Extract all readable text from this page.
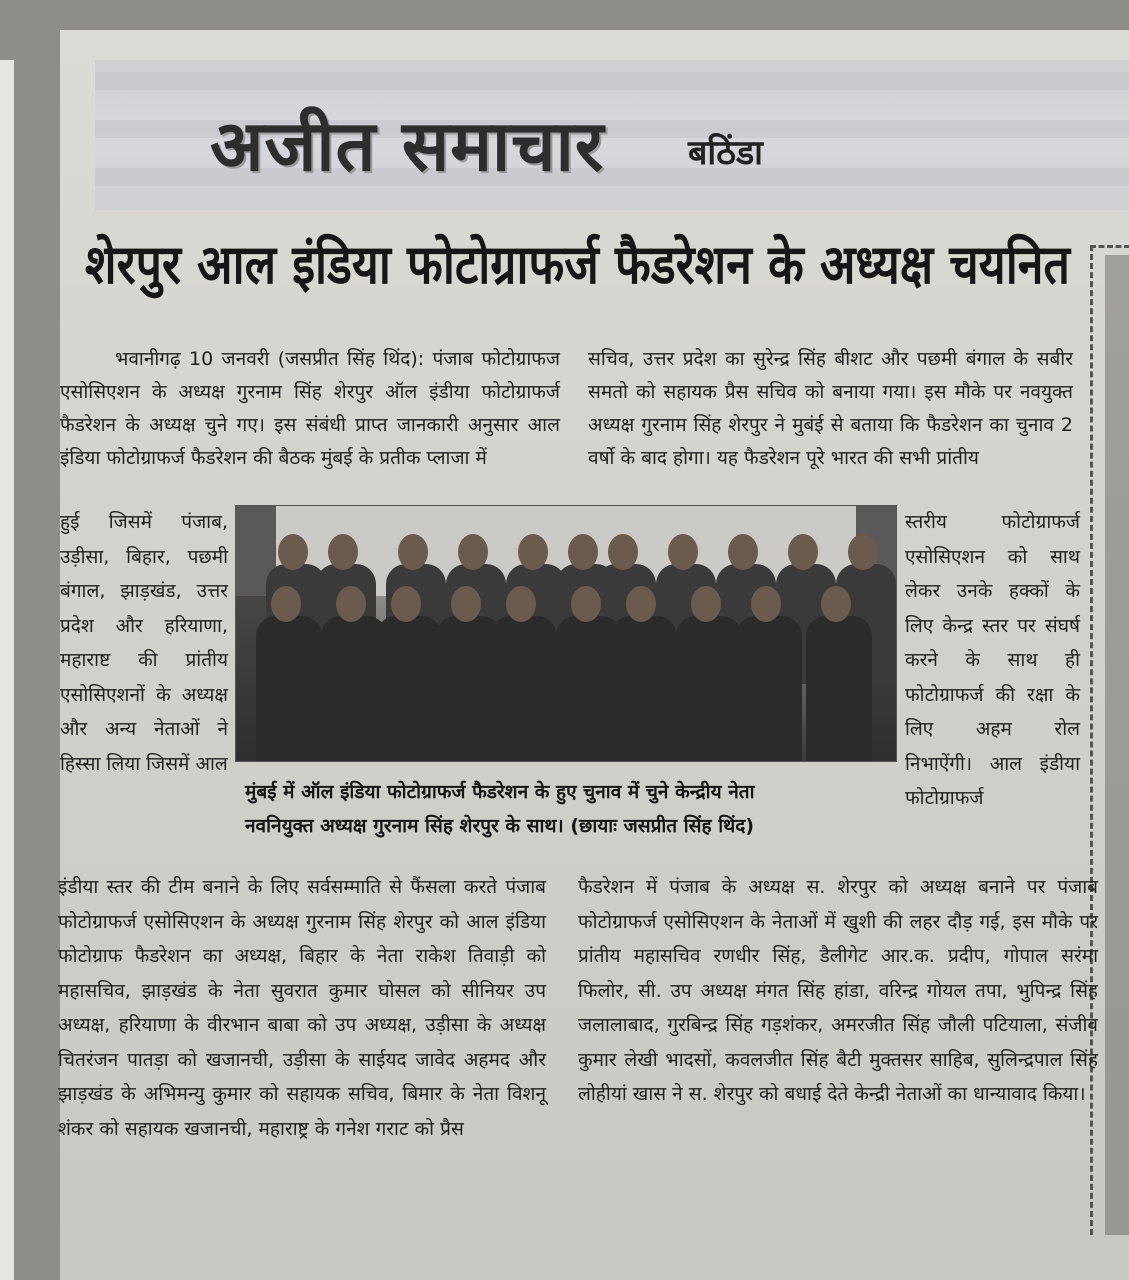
अजीत समाचार बठिंडा
शेरपुर आल इंडिया फोटोग्राफर्ज फैडरेशन के अध्यक्ष चयनित

भवानीगढ़ 10 जनवरी (जसप्रीत सिंह थिंद): पंजाब फोटोग्राफज एसोसिएशन के अध्यक्ष गुरनाम सिंह शेरपुर ऑल इंडीया फोटोग्राफर्ज फैडरेशन के अध्यक्ष चुने गए। इस संबंधी प्राप्त जानकारी अनुसार आल इंडिया फोटोग्राफर्ज फैडरेशन की बैठक मुंबई के प्रतीक प्लाजा में

हुई जिसमें पंजाब, उड़ीसा, बिहार, पछमी बंगाल, झाड़खंड, उत्तर प्रदेश और हरियाणा, महाराष्ट की प्रांतीय एसोसिएशनों के अध्यक्ष और अन्य नेताओं ने हिस्सा लिया जिसमें आल

सचिव, उत्तर प्रदेश का सुरेन्द्र सिंह बीशट और पछमी बंगाल के सबीर समतो को सहायक प्रैस सचिव को बनाया गया। इस मौके पर नवयुक्त अध्यक्ष गुरनाम सिंह शेरपुर ने मुबंई से बताया कि फैडरेशन का चुनाव 2 वर्षो के बाद होगा। यह फैडरेशन पूरे भारत की सभी प्रांतीय

स्तरीय फोटोग्राफर्ज एसोसिएशन को साथ लेकर उनके हक्कों के लिए केन्द्र स्तर पर संघर्ष करने के साथ ही फोटोग्राफर्ज की रक्षा के लिए अहम रोल निभाऐंगी। आल इंडीया फोटोग्राफर्ज

मुंबई में ऑल इंडिया फोटोग्राफर्ज फैडरेशन के हुए चुनाव में चुने केन्द्रीय नेता
नवनियुक्त अध्यक्ष गुरनाम सिंह शेरपुर के साथ। (छायाः जसप्रीत सिंह थिंद)

इंडीया स्तर की टीम बनाने के लिए सर्वसम्माति से फैंसला करते पंजाब फोटोग्राफर्ज एसोसिएशन के अध्यक्ष गुरनाम सिंह शेरपुर को आल इंडिया फोटोग्राफ फैडरेशन का अध्यक्ष, बिहार के नेता राकेश तिवाड़ी को महासचिव, झाड़खंड के नेता सुवरात कुमार घोसल को सीनियर उप अध्यक्ष, हरियाणा के वीरभान बाबा को उप अध्यक्ष, उड़ीसा के अध्यक्ष चितरंजन पातड़ा को खजानची, उड़ीसा के साईयद जावेद अहमद और झाड़खंड के अभिमन्यु कुमार को सहायक सचिव, बिमार के नेता विशनू शंकर को सहायक खजानची, महाराष्ट्र के गनेश गराट को प्रैस

फैडरेशन में पंजाब के अध्यक्ष स. शेरपुर को अध्यक्ष बनाने पर पंजाब फोटोग्राफर्ज एसोसिएशन के नेताओं में खुशी की लहर दौड़ गई, इस मौके पर प्रांतीय महासचिव रणधीर सिंह, डैलीगेट आर.क. प्रदीप, गोपाल सरंमा फिलोर, सी. उप अध्यक्ष मंगत सिंह हांडा, वरिन्द्र गोयल तपा, भुपिन्द्र सिंह जलालाबाद, गुरबिन्द्र सिंह गड़शंकर, अमरजीत सिंह जौली पटियाला, संजीव कुमार लेखी भादसों, कवलजीत सिंह बैटी मुक्तसर साहिब, सुलिन्द्रपाल सिंह लोहीयां खास ने स. शेरपुर को बधाई देते केन्द्री नेताओं का धान्यावाद किया।
